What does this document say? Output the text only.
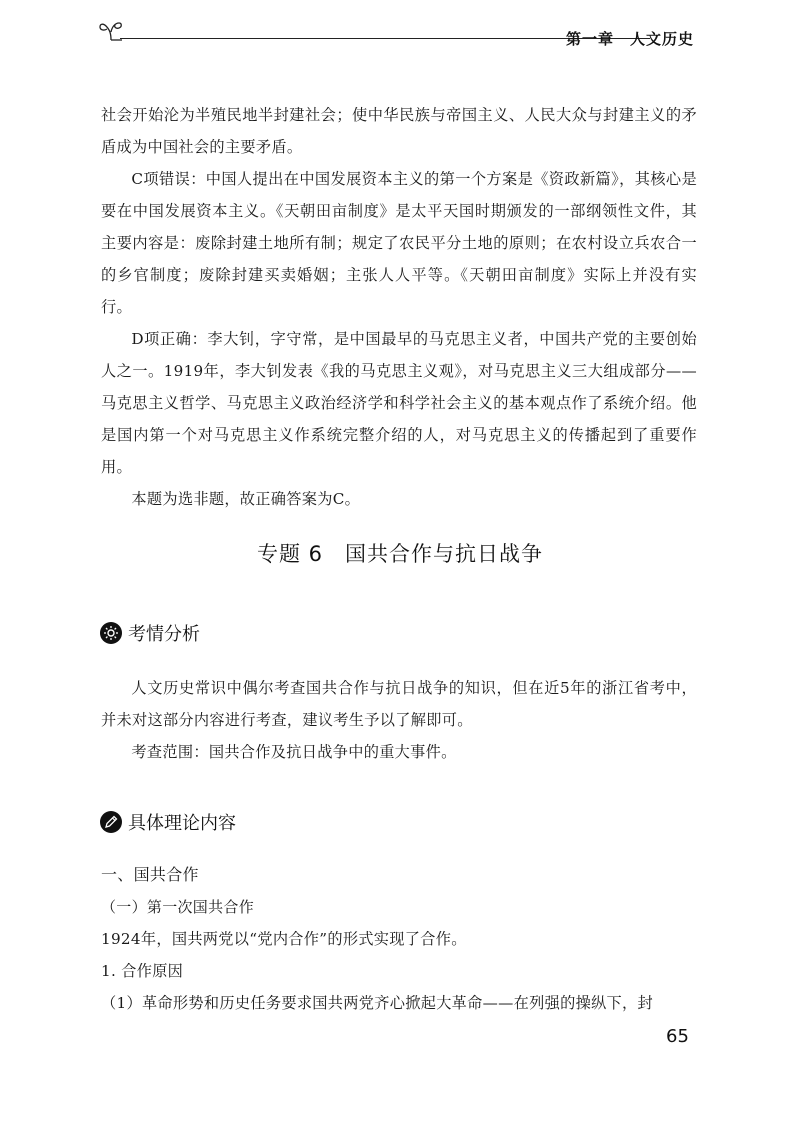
第一章　人文历史

社会开始沦为半殖民地半封建社会；使中华民族与帝国主义、人民大众与封建主义的矛盾成为中国社会的主要矛盾。

C项错误：中国人提出在中国发展资本主义的第一个方案是《资政新篇》，其核心是要在中国发展资本主义。《天朝田亩制度》是太平天国时期颁发的一部纲领性文件，其主要内容是：废除封建土地所有制；规定了农民平分土地的原则；在农村设立兵农合一的乡官制度；废除封建买卖婚姻；主张人人平等。《天朝田亩制度》实际上并没有实行。

D项正确：李大钊，字守常，是中国最早的马克思主义者，中国共产党的主要创始人之一。1919年，李大钊发表《我的马克思主义观》，对马克思主义三大组成部分——马克思主义哲学、马克思主义政治经济学和科学社会主义的基本观点作了系统介绍。他是国内第一个对马克思主义作系统完整介绍的人，对马克思主义的传播起到了重要作用。

本题为选非题，故正确答案为C。

专题 6　国共合作与抗日战争
考情分析

人文历史常识中偶尔考查国共合作与抗日战争的知识，但在近5年的浙江省考中，并未对这部分内容进行考查，建议考生予以了解即可。

考查范围：国共合作及抗日战争中的重大事件。

具体理论内容

一、国共合作

（一）第一次国共合作

1924年，国共两党以“党内合作”的形式实现了合作。

1. 合作原因

（1）革命形势和历史任务要求国共两党齐心掀起大革命——在列强的操纵下，封

65
